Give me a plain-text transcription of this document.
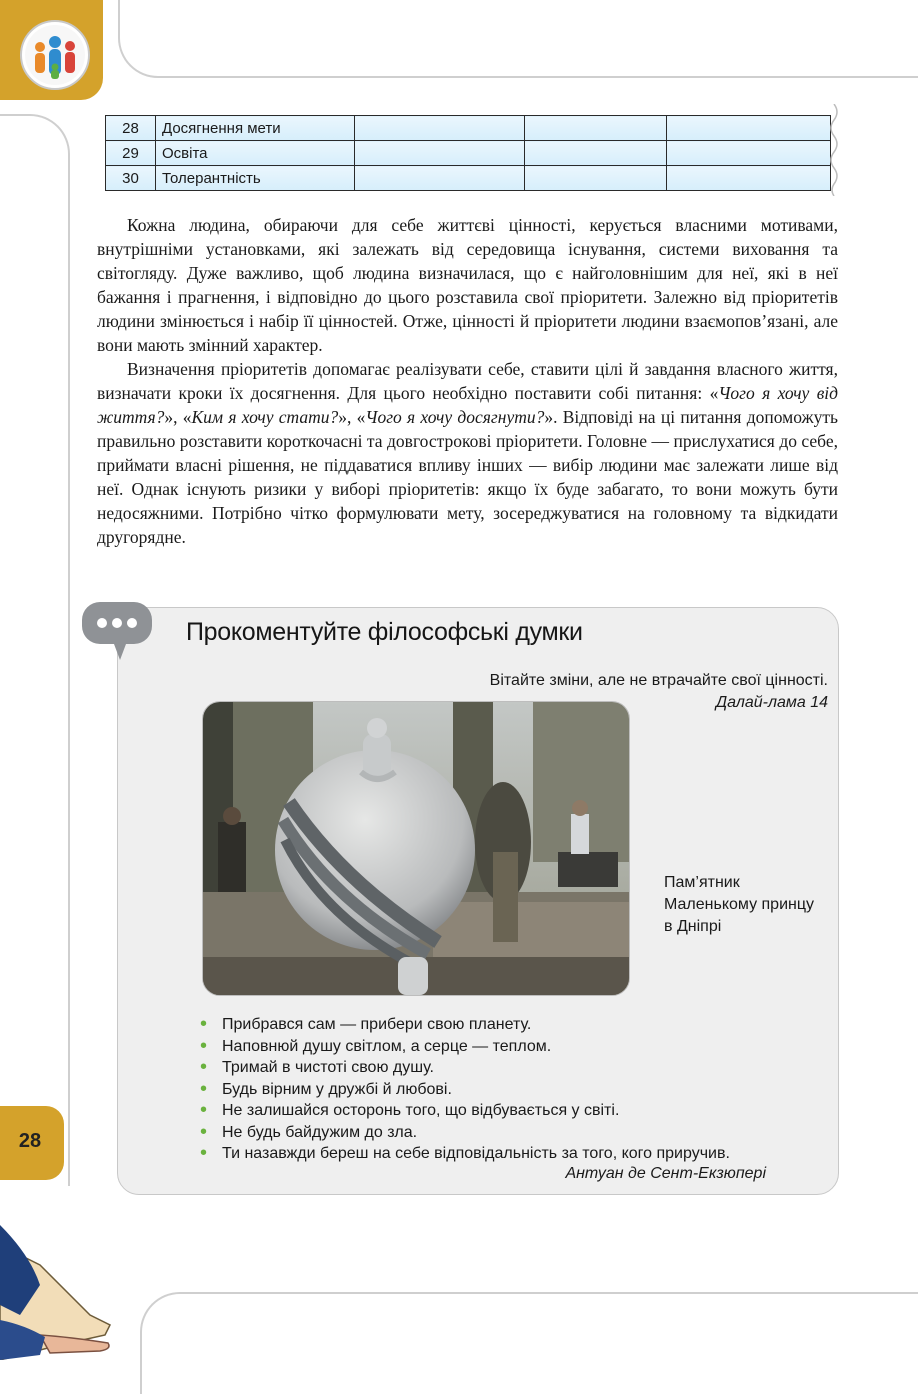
28	Досягнення мети			
29	Освіта			
30	Толерантність			

Кожна людина, обираючи для себе життєві цінності, керується власними мотивами, внутрішніми установками, які залежать від середовища існування, системи виховання та світогляду. Дуже важливо, щоб людина визначилася, що є найголовнішим для неї, які в неї бажання і прагнення, і відповідно до цього розставила свої пріоритети. Залежно від пріоритетів людини змінюється і набір її цінностей. Отже, цінності й пріоритети людини взаємопов’язані, але вони мають змінний характер.

Визначення пріоритетів допомагає реалізувати себе, ставити цілі й завдання власного життя, визначати кроки їх досягнення. Для цього необхідно поставити собі питання: «Чого я хочу від життя?», «Ким я хочу стати?», «Чого я хочу досягнути?». Відповіді на ці питання допоможуть правильно розставити короткочасні та довгострокові пріоритети. Головне — прислухатися до себе, приймати власні рішення, не піддаватися впливу інших — вибір людини має залежати лише від неї. Однак існують ризики у виборі пріоритетів: якщо їх буде забагато, то вони можуть бути недосяжними. Потрібно чітко формулювати мету, зосереджуватися на головному та відкидати другорядне.

Прокоментуйте філософські думки
Вітайте зміни, але не втрачайте свої цінності.
Далай-лама 14
Пам’ятник
Маленькому принцу
в Дніпрі
• Прибрався сам — прибери свою планету.
• Наповнюй душу світлом, а серце — теплом.
• Тримай в чистоті свою душу.
• Будь вірним у дружбі й любові.
• Не залишайся осторонь того, що відбувається у світі.
• Не будь байдужим до зла.
• Ти назавжди береш на себе відповідальність за того, кого приручив.
Антуан де Сент-Екзюпері
28
